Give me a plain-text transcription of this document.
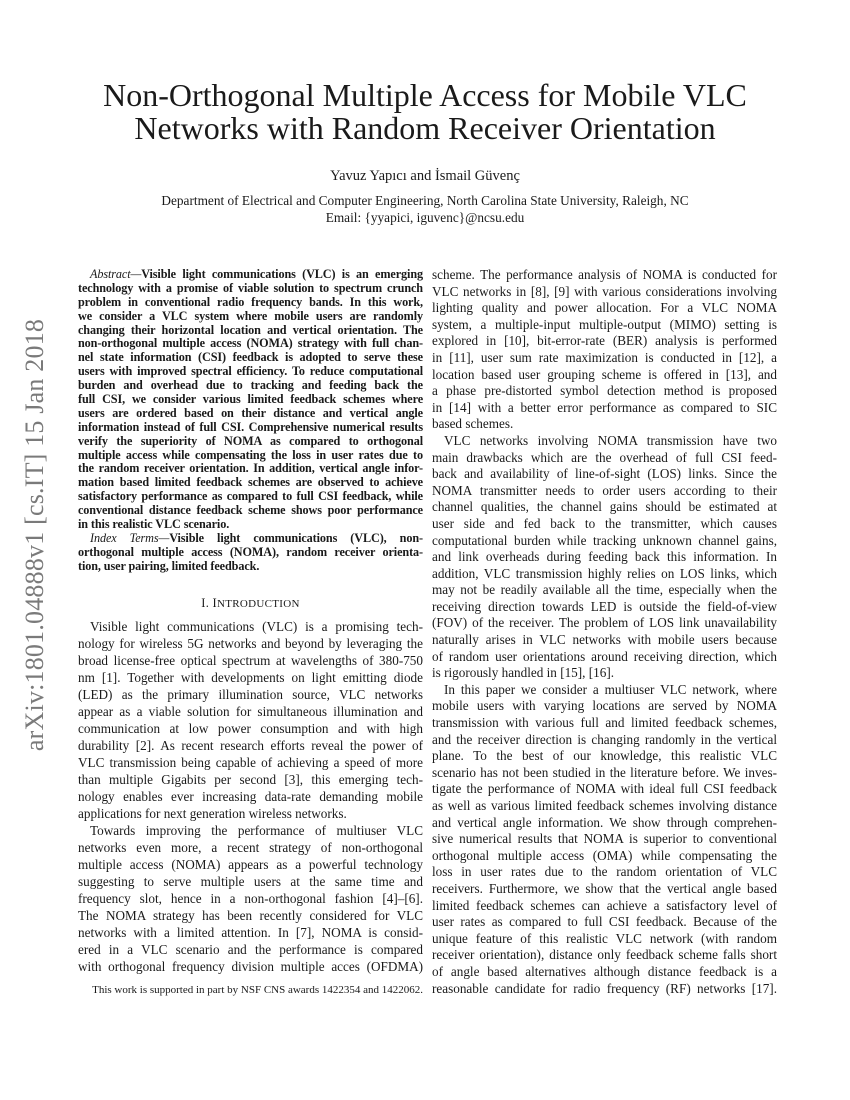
Non-Orthogonal Multiple Access for Mobile VLC
Networks with Random Receiver Orientation
Yavuz Yapıcı and İsmail Güvenç
Department of Electrical and Computer Engineering, North Carolina State University, Raleigh, NC
Email: {yyapici, iguvenc}@ncsu.edu
arXiv:1801.04888v1 [cs.IT] 15 Jan 2018
Abstract—Visible light communications (VLC) is an emerging
technology with a promise of viable solution to spectrum crunch
problem in conventional radio frequency bands. In this work,
we consider a VLC system where mobile users are randomly
changing their horizontal location and vertical orientation. The
non-orthogonal multiple access (NOMA) strategy with full chan-
nel state information (CSI) feedback is adopted to serve these
users with improved spectral efficiency. To reduce computational
burden and overhead due to tracking and feeding back the
full CSI, we consider various limited feedback schemes where
users are ordered based on their distance and vertical angle
information instead of full CSI. Comprehensive numerical results
verify the superiority of NOMA as compared to orthogonal
multiple access while compensating the loss in user rates due to
the random receiver orientation. In addition, vertical angle infor-
mation based limited feedback schemes are observed to achieve
satisfactory performance as compared to full CSI feedback, while
conventional distance feedback scheme shows poor performance
in this realistic VLC scenario.
Index Terms—Visible light communications (VLC), non-
orthogonal multiple access (NOMA), random receiver orienta-
tion, user pairing, limited feedback.
I. INTRODUCTION
Visible light communications (VLC) is a promising tech-
nology for wireless 5G networks and beyond by leveraging the
broad license-free optical spectrum at wavelengths of 380-750
nm [1]. Together with developments on light emitting diode
(LED) as the primary illumination source, VLC networks
appear as a viable solution for simultaneous illumination and
communication at low power consumption and with high
durability [2]. As recent research efforts reveal the power of
VLC transmission being capable of achieving a speed of more
than multiple Gigabits per second [3], this emerging tech-
nology enables ever increasing data-rate demanding mobile
applications for next generation wireless networks.
Towards improving the performance of multiuser VLC
networks even more, a recent strategy of non-orthogonal
multiple access (NOMA) appears as a powerful technology
suggesting to serve multiple users at the same time and
frequency slot, hence in a non-orthogonal fashion [4]–[6].
The NOMA strategy has been recently considered for VLC
networks with a limited attention. In [7], NOMA is consid-
ered in a VLC scenario and the performance is compared
with orthogonal frequency division multiple acces (OFDMA)
This work is supported in part by NSF CNS awards 1422354 and 1422062.
scheme. The performance analysis of NOMA is conducted for
VLC networks in [8], [9] with various considerations involving
lighting quality and power allocation. For a VLC NOMA
system, a multiple-input multiple-output (MIMO) setting is
explored in [10], bit-error-rate (BER) analysis is performed
in [11], user sum rate maximization is conducted in [12], a
location based user grouping scheme is offered in [13], and
a phase pre-distorted symbol detection method is proposed
in [14] with a better error performance as compared to SIC
based schemes.
VLC networks involving NOMA transmission have two
main drawbacks which are the overhead of full CSI feed-
back and availability of line-of-sight (LOS) links. Since the
NOMA transmitter needs to order users according to their
channel qualities, the channel gains should be estimated at
user side and fed back to the transmitter, which causes
computational burden while tracking unknown channel gains,
and link overheads during feeding back this information. In
addition, VLC transmission highly relies on LOS links, which
may not be readily available all the time, especially when the
receiving direction towards LED is outside the field-of-view
(FOV) of the receiver. The problem of LOS link unavailability
naturally arises in VLC networks with mobile users because
of random user orientations around receiving direction, which
is rigorously handled in [15], [16].
In this paper we consider a multiuser VLC network, where
mobile users with varying locations are served by NOMA
transmission with various full and limited feedback schemes,
and the receiver direction is changing randomly in the vertical
plane. To the best of our knowledge, this realistic VLC
scenario has not been studied in the literature before. We inves-
tigate the performance of NOMA with ideal full CSI feedback
as well as various limited feedback schemes involving distance
and vertical angle information. We show through comprehen-
sive numerical results that NOMA is superior to conventional
orthogonal multiple access (OMA) while compensating the
loss in user rates due to the random orientation of VLC
receivers. Furthermore, we show that the vertical angle based
limited feedback schemes can achieve a satisfactory level of
user rates as compared to full CSI feedback. Because of the
unique feature of this realistic VLC network (with random
receiver orientation), distance only feedback scheme falls short
of angle based alternatives although distance feedback is a
reasonable candidate for radio frequency (RF) networks [17].
